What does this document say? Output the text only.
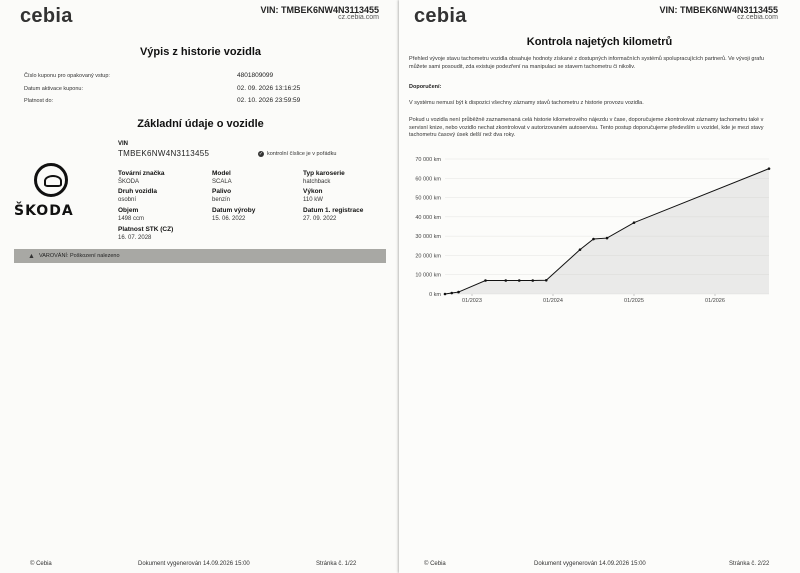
cebia	VIN: TMBEK6NW4N3113455
cz.cebia.com
Výpis z historie vozidla
Číslo kuponu pro opakovaný vstup:	4801809099
Datum aktivace kuponu:	02. 09. 2026 13:16:25
Platnost do:	02. 10. 2026 23:59:59
Základní údaje o vozidle
VIN
TMBEK6NW4N3113455	✓ kontrolní číslice je v pořádku
ŠKODA
Tovární značka
ŠKODA
Model
SCALA
Typ karoserie
hatchback
Druh vozidla
osobní
Palivo
benzín
Výkon
110 kW
Objem
1498 ccm
Datum výroby
15. 06. 2022
Datum 1. registrace
27. 09. 2022
Platnost STK (CZ)
16. 07. 2028
▲ VAROVÁNÍ: Poškození nalezeno
© Cebia	Dokument vygenerován 14.09.2026 15:00	Stránka č. 1/22
cebia	VIN: TMBEK6NW4N3113455
cz.cebia.com
Kontrola najetých kilometrů
Přehled vývoje stavu tachometru vozidla obsahuje hodnoty získané z dostupných informačních systémů spolupracujících partnerů. Ve vývoji grafu můžete sami posoudit, zda existuje podezření na manipulaci se stavem tachometru či nikoliv.
Doporučení:
V systému nemusí být k dispozici všechny záznamy stavů tachometru z historie provozu vozidla.
Pokud u vozidla není průběžně zaznamenaná celá historie kilometrového nájezdu v čase, doporučujeme zkontrolovat záznamy tachometru také v servisní knize, nebo vozidlo nechat zkontrolovat v autorizovaném autoservisu. Tento postup doporučujeme především u vozidel, kde je mezi stavy tachometru časový úsek delší než dva roky.
0 km
10 000 km
20 000 km
30 000 km
40 000 km
50 000 km
60 000 km
70 000 km
01/2023	01/2024	01/2025	01/2026
© Cebia	Dokument vygenerován 14.09.2026 15:00	Stránka č. 2/22
